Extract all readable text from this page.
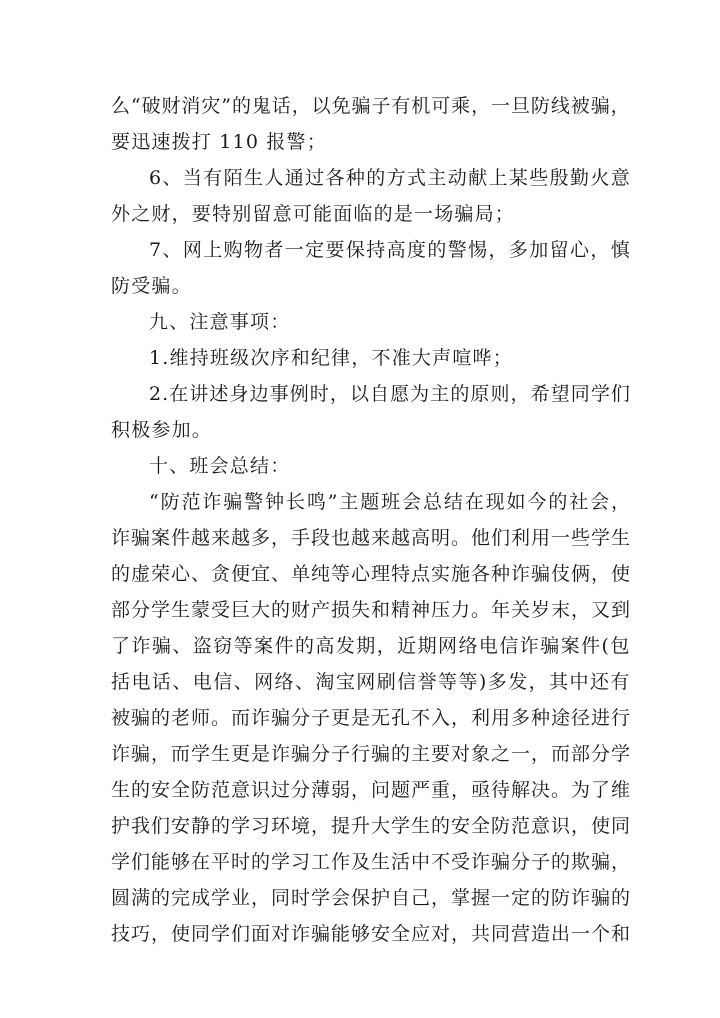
么“破财消灾”的鬼话，以免骗子有机可乘，一旦防线被骗，
要迅速拨打 110 报警；
6、当有陌生人通过各种的方式主动献上某些殷勤火意
外之财，要特别留意可能面临的是一场骗局；
7、网上购物者一定要保持高度的警惕，多加留心，慎
防受骗。
九、注意事项：
1.维持班级次序和纪律，不准大声喧哗；
2.在讲述身边事例时，以自愿为主的原则，希望同学们
积极参加。
十、班会总结：
“防范诈骗警钟长鸣”主题班会总结在现如今的社会，
诈骗案件越来越多，手段也越来越高明。他们利用一些学生
的虚荣心、贪便宜、单纯等心理特点实施各种诈骗伎俩，使
部分学生蒙受巨大的财产损失和精神压力。年关岁末，又到
了诈骗、盗窃等案件的高发期，近期网络电信诈骗案件(包
括电话、电信、网络、淘宝网刷信誉等等)多发，其中还有
被骗的老师。而诈骗分子更是无孔不入，利用多种途径进行
诈骗，而学生更是诈骗分子行骗的主要对象之一，而部分学
生的安全防范意识过分薄弱，问题严重，亟待解决。为了维
护我们安静的学习环境，提升大学生的安全防范意识，使同
学们能够在平时的学习工作及生活中不受诈骗分子的欺骗，
圆满的完成学业，同时学会保护自己，掌握一定的防诈骗的
技巧，使同学们面对诈骗能够安全应对，共同营造出一个和
